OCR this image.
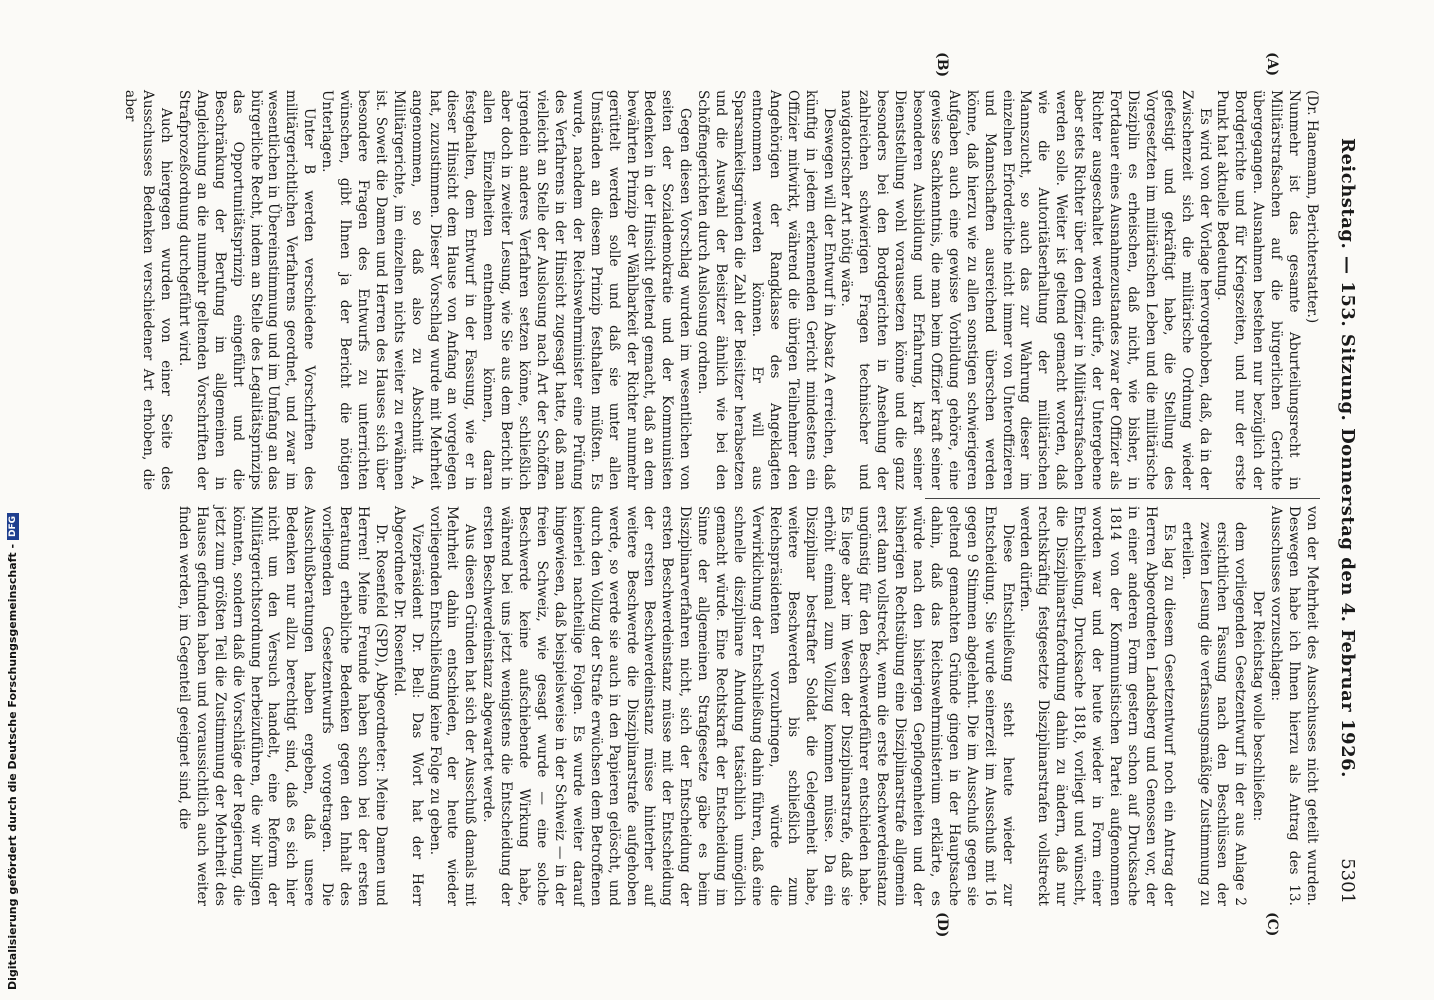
Reichstag. — 153. Sitzung. Donnerstag den 4. Februar 1926.
5301
(A)
(B)
(C)
(D)

(Dr. Hanemann, Berichterstatter.)

Nunmehr ist das gesamte Aburteilungsrecht in Militärstrafsachen auf die bürgerlichen Gerichte übergegangen. Ausnahmen bestehen nur bezüglich der Bordgerichte und für Kriegszeiten, und nur der erste Punkt hat aktuelle Bedeutung.

Es wird von der Vorlage hervorgehoben, daß, da in der Zwischenzeit sich die militärische Ordnung wieder gefestigt und gekräftigt habe, die Stellung des Vorgesetzten im militärischen Leben und die militärische Disziplin es erheischen, daß nicht, wie bisher, in Fortdauer eines Ausnahmezustandes zwar der Offizier als Richter ausgeschaltet werden dürfe, der Untergebene aber stets Richter über den Offizier in Militärstrafsachen werden solle. Weiter ist geltend gemacht worden, daß wie die Autoritätserhaltung der militärischen Mannszucht, so auch das zur Wahrung dieser im einzelnen Erforderliche nicht immer von Unteroffizieren und Mannschaften ausreichend überschen werden könne, daß hierzu wie zu allen sonstigen schwierigeren Aufgaben auch eine gewisse Vorbildung gehöre, eine gewisse Sachkenntnis, die man beim Offizier kraft seiner besonderen Ausbildung und Erfahrung, kraft seiner Dienststellung wohl voraussetzen könne und die ganz besonders bei den Bordgerichten in Ansehung der zahlreichen schwierigen Fragen technischer und navigatorischer Art nötig wäre.

Deswegen will der Entwurf in Absatz A erreichen, daß künftig in jedem erkennenden Gericht mindestens ein Offizier mitwirkt, während die übrigen Teilnehmer den Angehörigen der Rangklasse des Angeklagten entnommen werden können. Er will aus Sparsamkeitsgründen die Zahl der Beisitzer herabsetzen und die Auswahl der Beisitzer ähnlich wie bei den Schöffengerichten durch Auslosung ordnen.

Gegen diesen Vorschlag wurden im wesentlichen von seiten der Sozialdemokratie und der Kommunisten Bedenken in der Hinsicht geltend gemacht, daß an dem bewährten Prinzip der Wählbarkeit der Richter nunmehr gerüttelt werden solle und daß sie unter allen Umständen an diesem Prinzip festhalten müßten. Es wurde, nachdem der Reichswehrminister eine Prüfung des Verfahrens in der Hinsicht zugesagt hatte, daß man vielleicht an Stelle der Auslosung nach Art der Schöffen irgendein anderes Verfahren setzen könne, schließlich aber doch in zweiter Lesung, wie Sie aus dem Bericht in allen Einzelheiten entnehmen können, daran festgehalten, dem Entwurf in der Fassung, wie er in dieser Hinsicht dem Hause von Anfang an vorgelegen hat, zuzustimmen. Dieser Vorschlag wurde mit Mehrheit angenommen, so daß also zu Abschnitt A, Militärgerichte, im einzelnen nichts weiter zu erwähnen ist. Soweit die Damen und Herren des Hauses sich über besondere Fragen des Entwurfs zu unterrichten wünschen, gibt Ihnen ja der Bericht die nötigen Unterlagen.

Unter B werden verschiedene Vorschriften des militärgerichtlichen Verfahrens geordnet, und zwar im wesentlichen in Übereinstimmung und im Umfang an das bürgerliche Recht, indem an Stelle des Legalitätsprinzips das Opportunitätsprinzip eingeführt und die Beschränkung der Berufung im allgemeinen in Angleichung an die nunmehr geltenden Vorschriften der Strafprozeßordnung durchgeführt wird.

Auch hiergegen wurden von einer Seite des Ausschusses Bedenken verschiedener Art erhoben, die aber

von der Mehrheit des Ausschusses nicht geteilt wurden. Deswegen habe ich Ihnen hierzu als Antrag des 13. Ausschusses vorzuschlagen:

Der Reichstag wolle beschließen:

dem vorliegenden Gesetzentwurf in der aus Anlage 2 ersichtlichen Fassung nach den Beschlüssen der zweiten Lesung die verfassungsmäßige Zustimmung zu erteilen.

Es lag zu diesem Gesetzentwurf noch ein Antrag der Herren Abgeordneten Landsberg und Genossen vor, der in einer anderen Form gestern schon auf Drucksache 1814 von der Kommunistischen Partei aufgenommen worden war und der heute wieder in Form einer Entschließung, Drucksache 1818, vorliegt und wünscht, die Disziplinarstrafordnung dahin zu ändern, daß nur rechtskräftig festgesetzte Disziplinarstrafen vollstreckt werden dürfen.

Diese Entschließung steht heute wieder zur Entscheidung. Sie wurde seinerzeit im Ausschuß mit 16 gegen 9 Stimmen abgelehnt. Die im Ausschuß gegen sie geltend gemachten Gründe gingen in der Hauptsache dahin, daß das Reichswehrministerium erklärte, es würde nach den bisherigen Gepflogenheiten und der bisherigen Rechtsübung eine Disziplinarstrafe allgemein erst dann vollstreckt, wenn die erste Beschwerdeinstanz ungünstig für den Beschwerdeführer entschieden habe. Es liege aber im Wesen der Disziplinarstrafe, daß sie erhöht einmal zum Vollzug kommen müsse. Da ein Disziplinar bestrafter Soldat die Gelegenheit habe, weitere Beschwerden bis schließlich zum Reichspräsidenten vorzubringen, würde die Verwirklichung der Entschließung dahin führen, daß eine schnelle disziplinare Ahndung tatsächlich unmöglich gemacht würde. Eine Rechtskraft der Entscheidung im Sinne der allgemeinen Strafgesetze gäbe es beim Disziplinarverfahren nicht, sich der Entscheidung der ersten Beschwerdeinstanz müsse mit der Entscheidung der ersten Beschwerdeinstanz müsse hinterher auf weitere Beschwerde die Disziplinarstrafe aufgehoben werde, so werde sie auch in den Papieren gelöscht, und durch den Vollzug der Strafe erwüchsen dem Betroffenen keinerlei nachteilige Folgen. Es wurde weiter darauf hingewiesen, daß beispielsweise in der Schweiz — in der freien Schweiz, wie gesagt wurde — eine solche Beschwerde keine aufschiebende Wirkung habe, während bei uns jetzt wenigstens die Entscheidung der ersten Beschwerdeinstanz abgewartet werde.

Aus diesen Gründen hat sich der Ausschuß damals mit Mehrheit dahin entschieden, der heute wieder vorliegenden Entschließung keine Folge zu geben.

Vizepräsident Dr. Bell: Das Wort hat der Herr Abgeordnete Dr. Rosenfeld.

Dr. Rosenfeld (SPD), Abgeordneter: Meine Damen und Herren! Meine Freunde haben schon bei der ersten Beratung erhebliche Bedenken gegen den Inhalt des vorliegenden Gesetzentwurfs vorgetragen. Die Ausschußberatungen haben ergeben, daß unsere Bedenken nur allzu berechtigt sind, daß es sich hier nicht um den Versuch handelt, eine Reform der Militärgerichtsordnung herbeizuführen, die wir billigen könnten, sondern daß die Vorschläge der Regierung, die jetzt zum größten Teil die Zustimmung der Mehrheit des Hauses gefunden haben und voraussichtlich auch weiter finden werden, im Gegenteil geeignet sind, die

Digitalisierung gefördert durch die Deutsche Forschungsgemeinschaft -DFG
